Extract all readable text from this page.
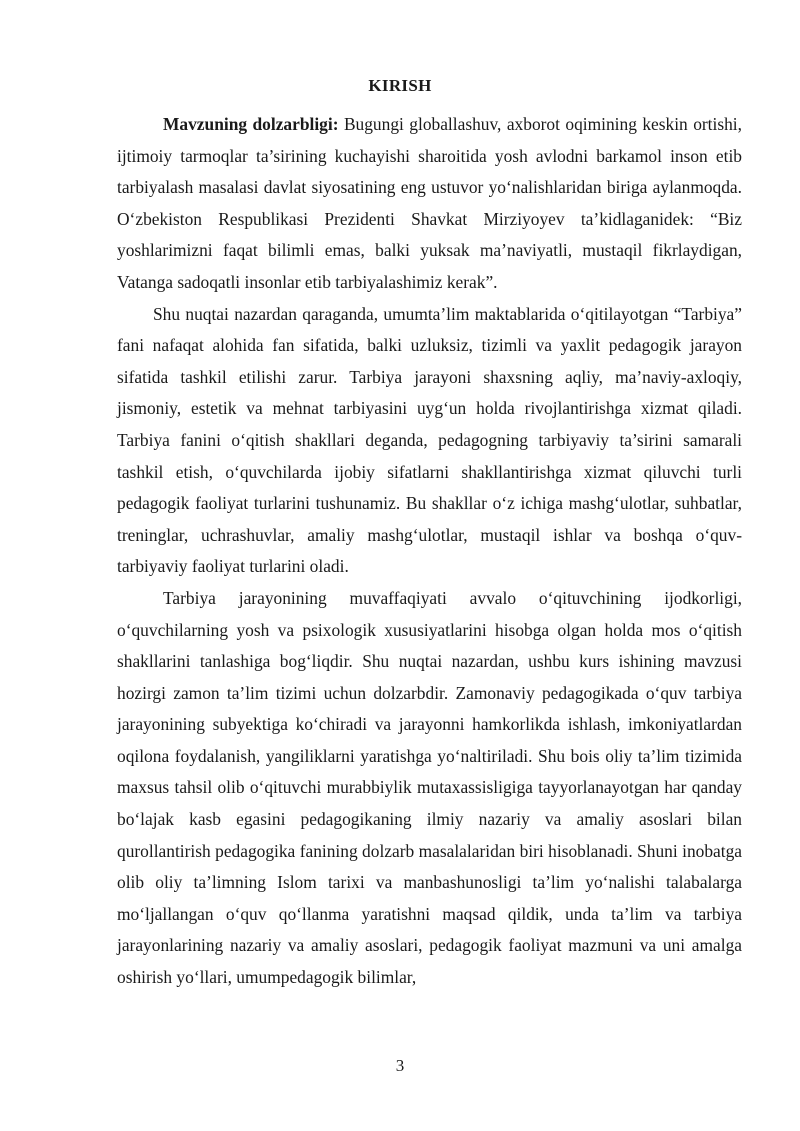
KIRISH

Mavzuning dolzarbligi: Bugungi globallashuv, axborot oqimining keskin ortishi, ijtimoiy tarmoqlar ta’sirining kuchayishi sharoitida yosh avlodni barkamol inson etib tarbiyalash masalasi davlat siyosatining eng ustuvor yo‘nalishlaridan biriga aylanmoqda. O‘zbekiston Respublikasi Prezidenti Shavkat Mirziyoyev ta’kidlaganidek: “Biz yoshlarimizni faqat bilimli emas, balki yuksak ma’naviyatli, mustaqil fikrlaydigan, Vatanga sadoqatli insonlar etib tarbiyalashimiz kerak”.

Shu nuqtai nazardan qaraganda, umumta’lim maktablarida o‘qitilayotgan “Tarbiya” fani nafaqat alohida fan sifatida, balki uzluksiz, tizimli va yaxlit pedagogik jarayon sifatida tashkil etilishi zarur. Tarbiya jarayoni shaxsning aqliy, ma’naviy-axloqiy, jismoniy, estetik va mehnat tarbiyasini uyg‘un holda rivojlantirishga xizmat qiladi. Tarbiya fanini o‘qitish shakllari deganda, pedagogning tarbiyaviy ta’sirini samarali tashkil etish, o‘quvchilarda ijobiy sifatlarni shakllantirishga xizmat qiluvchi turli pedagogik faoliyat turlarini tushunamiz. Bu shakllar o‘z ichiga mashg‘ulotlar, suhbatlar, treninglar, uchrashuvlar, amaliy mashg‘ulotlar, mustaqil ishlar va boshqa o‘quv-tarbiyaviy faoliyat turlarini oladi.

Tarbiya jarayonining muvaffaqiyati avvalo o‘qituvchining ijodkorligi, o‘quvchilarning yosh va psixologik xususiyatlarini hisobga olgan holda mos o‘qitish shakllarini tanlashiga bog‘liqdir. Shu nuqtai nazardan, ushbu kurs ishining mavzusi hozirgi zamon ta’lim tizimi uchun dolzarbdir. Zamonaviy pedagogikada o‘quv tarbiya jarayonining subyektiga ko‘chiradi va jarayonni hamkorlikda ishlash, imkoniyatlardan oqilona foydalanish, yangiliklarni yaratishga yo‘naltiriladi. Shu bois oliy ta’lim tizimida maxsus tahsil olib o‘qituvchi murabbiylik mutaxassisligiga tayyorlanayotgan har qanday bo‘lajak kasb egasini pedagogikaning ilmiy nazariy va amaliy asoslari bilan qurollantirish pedagogika fanining dolzarb masalalaridan biri hisoblanadi. Shuni inobatga olib oliy ta’limning Islom tarixi va manbashunosligi ta’lim yo‘nalishi talabalarga mo‘ljallangan o‘quv qo‘llanma yaratishni maqsad qildik, unda ta’lim va tarbiya jarayonlarining nazariy va amaliy asoslari, pedagogik faoliyat mazmuni va uni amalga oshirish yo‘llari, umumpedagogik bilimlar,

3
